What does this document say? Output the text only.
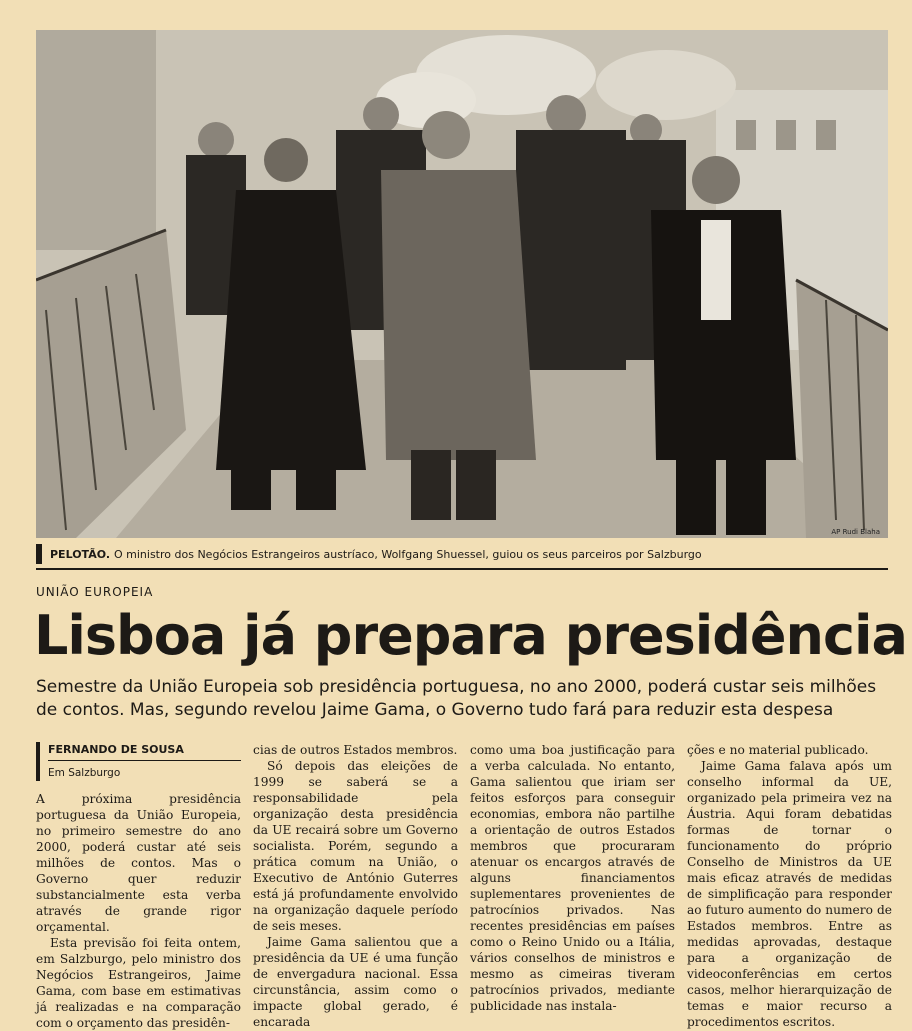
AP Rudi Blaha
PELOTÃO. O ministro dos Negócios Estrangeiros austríaco, Wolfgang Shuessel, guiou os seus parceiros por Salzburgo
UNIÃO EUROPEIA
Lisboa já prepara presidência
Semestre da União Europeia sob presidência portuguesa, no ano 2000, poderá custar seis milhões de contos. Mas, segundo revelou Jaime Gama, o Governo tudo fará para reduzir esta despesa
FERNANDO DE SOUSA
Em Salzburgo

A próxima presidência portuguesa da União Europeia, no primeiro semestre do ano 2000, poderá custar até seis milhões de contos. Mas o Governo quer reduzir substancialmente esta verba através de grande rigor orçamental.

Esta previsão foi feita ontem, em Salzburgo, pelo ministro dos Negócios Estrangeiros, Jaime Gama, com base em estimativas já realizadas e na comparação com o orçamento das presidên-

cias de outros Estados membros.

Só depois das eleições de 1999 se saberá se a responsabilidade pela organização desta presidência da UE recairá sobre um Governo socialista. Porém, segundo a prática comum na União, o Executivo de António Guterres está já profundamente envolvido na organização daquele período de seis meses.

Jaime Gama salientou que a presidência da UE é uma função de envergadura nacional. Essa circunstância, assim como o impacte global gerado, é encarada

como uma boa justificação para a verba calculada. No entanto, Gama salientou que iriam ser feitos esforços para conseguir economias, embora não partilhe a orientação de outros Estados membros que procuraram atenuar os encargos através de alguns financiamentos suplementares provenientes de patrocínios privados. Nas recentes presidências em países como o Reino Unido ou a Itália, vários conselhos de ministros e mesmo as cimeiras tiveram patrocínios privados, mediante publicidade nas instala-

ções e no material publicado.

Jaime Gama falava após um conselho informal da UE, organizado pela primeira vez na Áustria. Aqui foram debatidas formas de tornar o funcionamento do próprio Conselho de Ministros da UE mais eficaz através de medidas de simplificação para responder ao futuro aumento do numero de Estados membros. Entre as medidas aprovadas, destaque para a organização de videoconferências em certos casos, melhor hierarquização de temas e maior recurso a procedimentos escritos.
